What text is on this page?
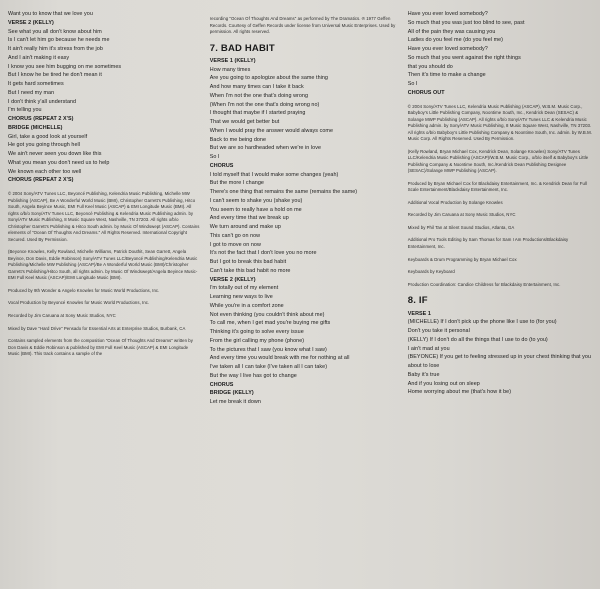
Want you to know that we love you
VERSE 2 (KELLY)
See what you all don't know about him
Is I can't let him go because he needs me
It ain't really him it's stress from the job
And I ain't making it easy
I know you see him bugging on me sometimes
But I know he be tired he don't mean it
It gets hard sometimes
But I need my man
I don't think y'all understand
I'm telling you
CHORUS (REPEAT 2 X'S)
BRIDGE (MICHELLE)
Girl, take a good look at yourself
He got you going through hell
We ain't never seen you down like this
What you mean you don't need us to help
We known each other too well
CHORUS (REPEAT 2 X'S)
© 2004 Sony/ATV Tunes LLC, Beyoncé Publishing, Kelendria Music Publishing, Michelle MW Publishing (ASCAP), Be A Wonderful World Music (BMI), Christopher Garrett's Publishing, Hitco South, Angela Beyince Music, EMI Full Keel Music (ASCAP) & EMI Longitude Music (BMI). All rights o/b/o Sony/ATV Tunes LLC, Beyoncé Publishing & Kelendria Music Publishing admin. by Sony/ATV Music Publishing, 8 Music Square West, Nashville, TN 37203. All rights o/b/o Christopher Garrett's Publishing & Hitco South admin. by Music Of Windswept (ASCAP). Contains elements of "Ocean Of Thoughts And Dreams." All Rights Reserved. International Copyright Secured. Used By Permission.
(Beyonce Knowles, Kelly Rowland, Michelle Williams, Patrick Douthit, Sean Garrett, Angela Beyince, Don Davis, Eddie Robinson) Sony/ATV Tunes LLC/Beyoncé Publishing/Kelendria Music Publishing/Michelle MW Publishing (ASCAP)/Be A Wonderful World Music (BMI)/Christopher Garrett's Publishing/Hitco South, all rights admin. by Music Of Windswept/Angela Beyince Music-EMI Full Keel Music (ASCAP)/EMI Longitude Music (BMI).
Produced by 9th Wonder & Angelo Knowles for Music World Productions, Inc.
Vocal Production by Beyoncé Knowles for Music World Productions, Inc.
Recorded by Jim Caruana at Sony Music Studios, NYC
Mixed by Dave "Hard Drive" Pensado for Essential Arts at Enterprise Studios, Burbank, CA
Contains sampled elements from the composition "Ocean Of Thoughts And Dreams" written by Don Davis & Eddie Robinson & published by EMI Full Keel Music (ASCAP) & EMI Longitude Music (BMI). This track contains a sample of the
recording "Ocean Of Thoughts And Dreams" as performed by The Dramatics. ℗ 1977 Geffen Records. Courtesy of Geffen Records under license from Universal Music Enterprises. Used by permission. All rights reserved.
7. BAD HABIT
VERSE 1 (KELLY)
How many times
Are you going to apologize about the same thing
And how many times can I take it back
When I'm not the one that's doing wrong
(When I'm not the one that's doing wrong no)
I thought that maybe if I started praying
That we would get better but
When I would pray the answer would always come
Back to me being done
But we are so hardheaded when we're in love
So I
CHORUS
I told myself that I would make some changes (yeah)
But the more I change
There's one thing that remains the same (remains the same)
I can't seem to shake you (shake you)
You seem to really have a hold on me
And every time that we break up
We turn around and make up
This can't go on now
I got to move on now
It's not the fact that I don't love you no more
But I got to break this bad habit
Can't take this bad habit no more
VERSE 2 (KELLY)
I'm totally out of my element
Learning new ways to live
While you're in a comfort zone
Not even thinking (you couldn't think about me)
To call me, when I get mad you're buying me gifts
Thinking it's going to solve every issue
From the girl calling my phone (phone)
To the pictures that I saw (you know what I saw)
And every time you would break with me for nothing at all
I've taken all I can take (I've taken all I can take)
But the way I live has got to change
CHORUS
BRIDGE (KELLY)
Let me break it down
Have you ever loved somebody?
So much that you was just too blind to see, past
All of the pain they was causing you
Ladies do you feel me (do you feel me)
Have you ever loved somebody?
So much that you went against the right things
that you should do
Then it's time to make a change
So I
CHORUS OUT
© 2004 Sony/ATV Tunes LLC, Kelendria Music Publishing (ASCAP), W.B.M. Music Corp., Babyboy's Little Publishing Company, Noontime South, Inc., Kendrick Dean (SESAC) & Solange MWP Publishing (ASCAP). All rights o/b/o Sony/ATV Tunes LLC & Kelendria Music Publishing admin. by Sony/ATV Music Publishing, 8 Music Square West, Nashville, TN 37203. All rights o/b/o Babyboy's Little Publishing Company & Noontime South, Inc. admin. by W.B.M. Music Corp. All Rights Reserved. Used By Permission.
(Kelly Rowland, Bryan Michael Cox, Kendrick Dean, Solange Knowles) Sony/ATV Tunes LLC/Kelendria Music Publishing (ASCAP)/W.B.M. Music Corp., o/b/o itself & Babyboy's Little Publishing Company & Noontime South, Inc./Kendrick Dean Publishing Designee (SESAC)/Solange MWP Publishing (ASCAP).
Produced by Bryan Michael Cox for Blackdaisy Entertainment, Inc. & Kendrick Dean for Full Scale Entertainment/Blackdaisy Entertainment, Inc.
Additional Vocal Production by Solange Knowles
Recorded by Jim Caruana at Sony Music Studios, NYC
Mixed by Phil Tan at Silent Sound Studios, Atlanta, GA
Additional Pro Tools Editing by Sam Thomas for Sam I Am Productions/Blackdaisy Entertainment, Inc.
Keyboards & Drum Programming by Bryan Michael Cox
Keyboards by Keyboard
Production Coordination: Candice Childress for Blackdaisy Entertainment, Inc.
8. IF
VERSE 1
(MICHELLE) If I don't pick up the phone like I use to (for you)
Don't you take it personal
(KELLY) If I don't do all the things that I use to do (to you)
I ain't mad at you
(BEYONCE) If you get to feeling stressed up in your chest thinking that you about to lose
Baby it's true
And if you losing out on sleep
Home worrying about me (that's how it be)
